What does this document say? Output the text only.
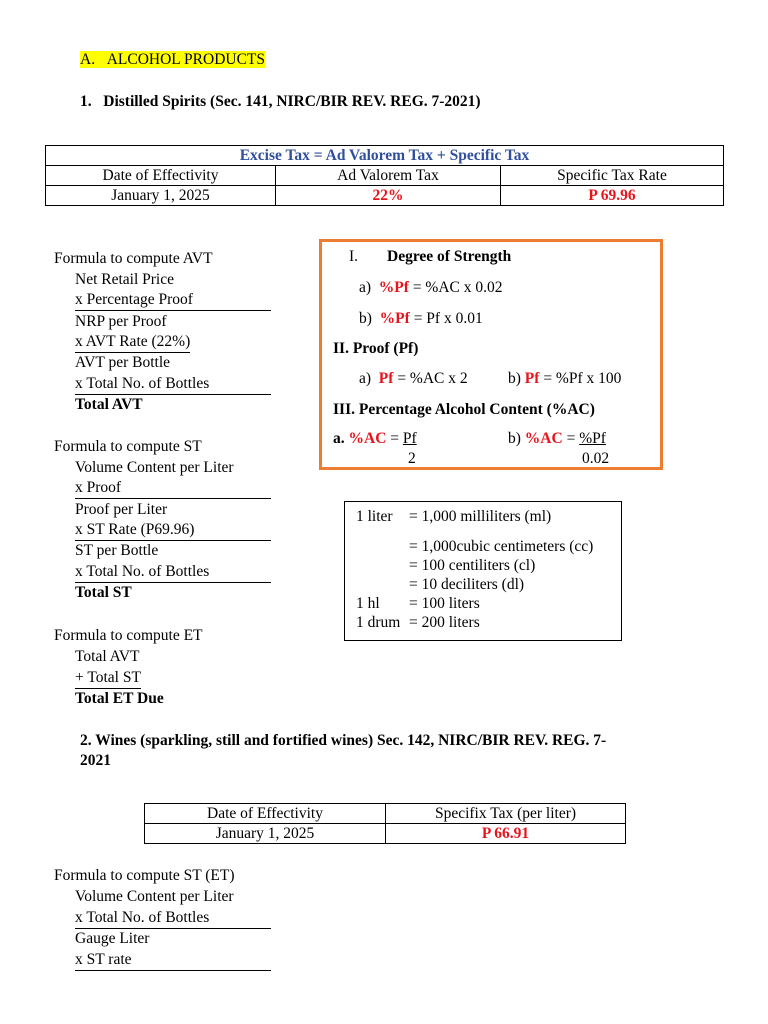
A. ALCOHOL PRODUCTS
1. Distilled Spirits (Sec. 141, NIRC/BIR REV. REG. 7-2021)
Excise Tax = Ad Valorem Tax + Specific Tax		
Date of Effectivity	Ad Valorem Tax	Specific Tax Rate
January 1, 2025	22%	P 69.96
Formula to compute AVT
Net Retail Price
x Percentage Proof
NRP per Proof
x AVT Rate (22%)
AVT per Bottle
x Total No. of Bottles
Total AVT
Formula to compute ST
Volume Content per Liter
x Proof
Proof per Liter
x ST Rate (P69.96)
ST per Bottle
x Total No. of Bottles
Total ST
Formula to compute ET
Total AVT
+ Total ST
Total ET Due
I. Degree of Strength
a) %Pf = %AC x 0.02
b) %Pf = Pf x 0.01
II. Proof (Pf)
a) Pf = %AC x 2	b) Pf = %Pf x 100
III. Percentage Alcohol Content (%AC)
a. %AC = Pf
2
b) %AC = %Pf
0.02
1 liter = 1,000 milliliters (ml)
= 1,000cubic centimeters (cc)
= 100 centiliters (cl)
= 10 deciliters (dl)
1 hl = 100 liters
1 drum = 200 liters
2. Wines (sparkling, still and fortified wines) Sec. 142, NIRC/BIR REV. REG. 7-
2021
Date of Effectivity	Specifix Tax (per liter)
January 1, 2025	P 66.91
Formula to compute ST (ET)
Volume Content per Liter
x Total No. of Bottles
Gauge Liter
x ST rate
